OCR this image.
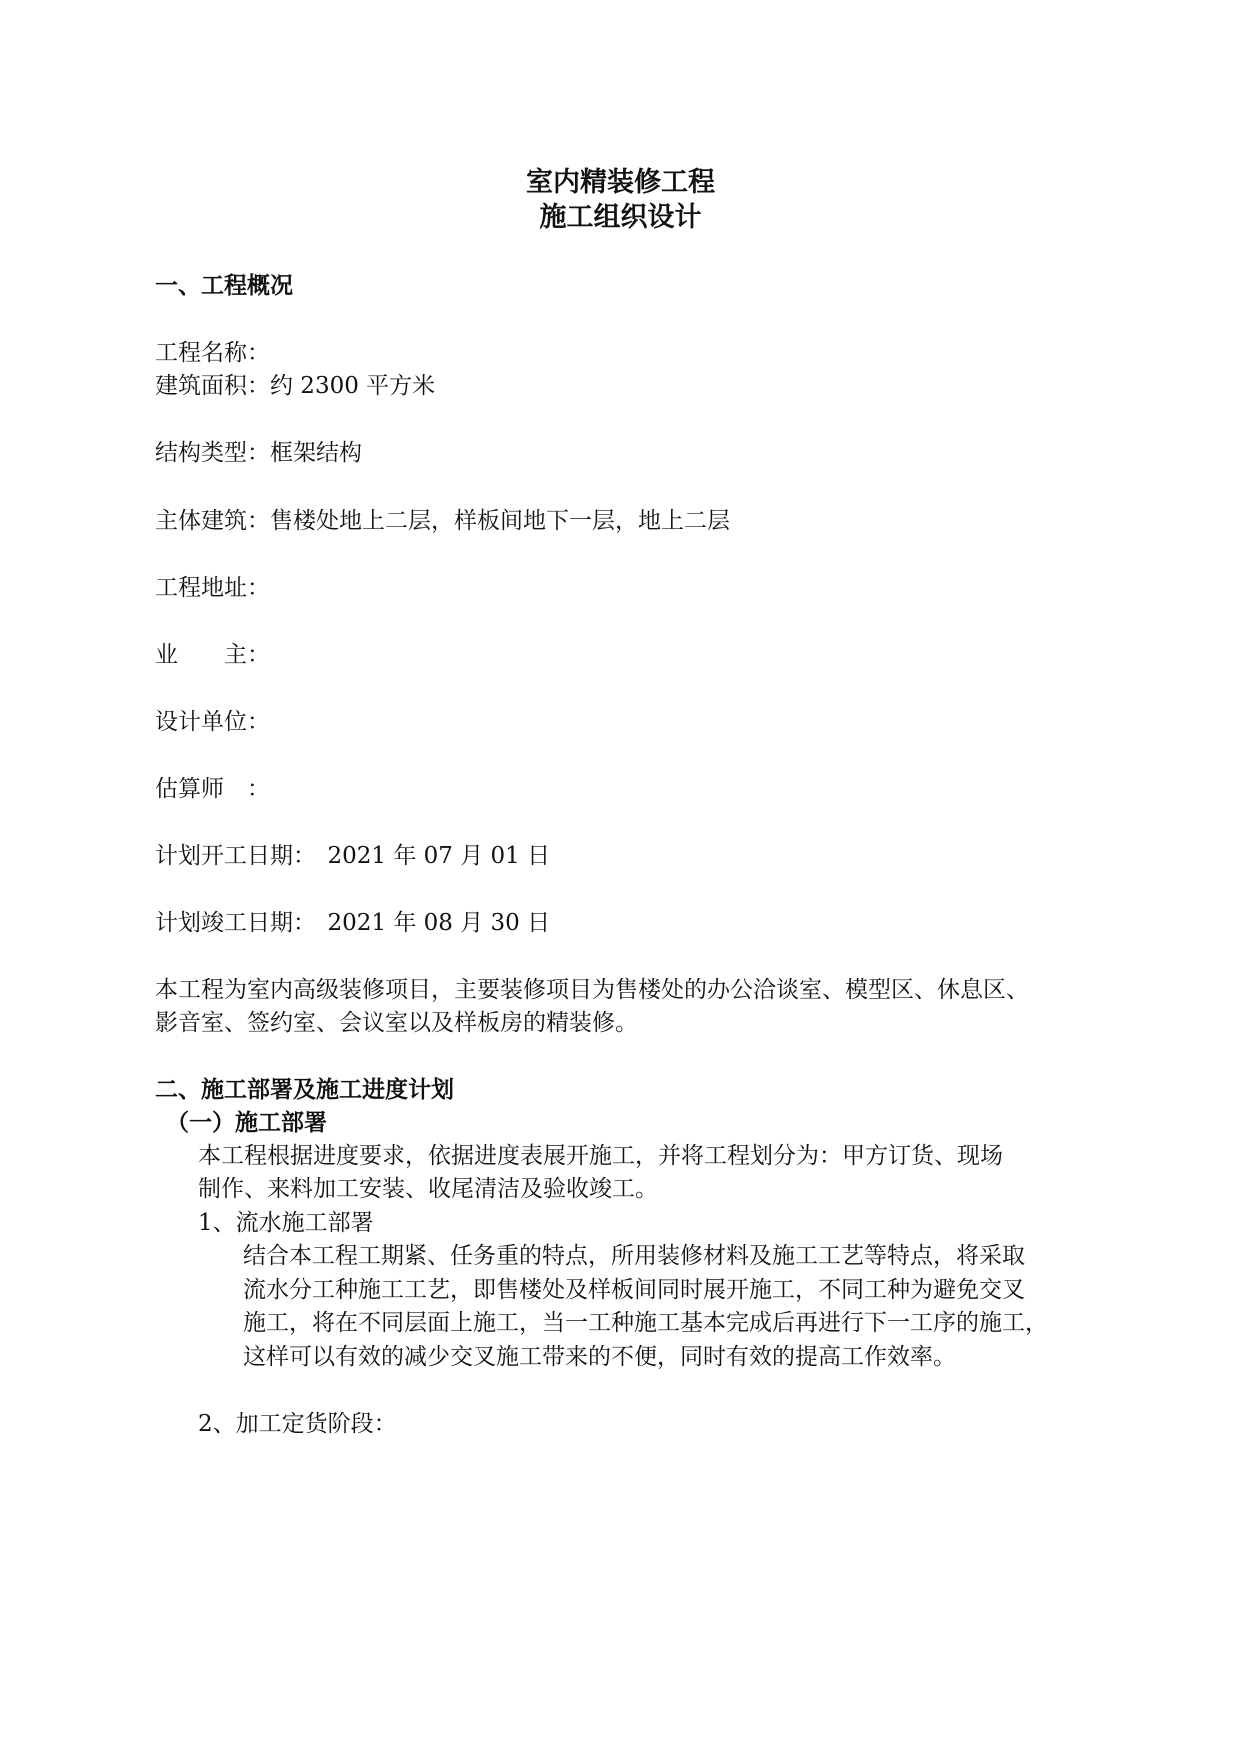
室内精装修工程
施工组织设计
一、工程概况
工程名称：
建筑面积：约 2300 平方米
结构类型：框架结构
主体建筑：售楼处地上二层，样板间地下一层，地上二层
工程地址：
业　　主：
设计单位：
估算师　：
计划开工日期：　2021 年 07 月 01 日
计划竣工日期：　2021 年 08 月 30 日
本工程为室内高级装修项目，主要装修项目为售楼处的办公洽谈室、模型区、休息区、
影音室、签约室、会议室以及样板房的精装修。
二、施工部署及施工进度计划
（一）施工部署
本工程根据进度要求，依据进度表展开施工，并将工程划分为：甲方订货、现场
制作、来料加工安装、收尾清洁及验收竣工。
1、流水施工部署
结合本工程工期紧、任务重的特点，所用装修材料及施工工艺等特点，将采取
流水分工种施工工艺，即售楼处及样板间同时展开施工，不同工种为避免交叉
施工，将在不同层面上施工，当一工种施工基本完成后再进行下一工序的施工，
这样可以有效的减少交叉施工带来的不便，同时有效的提高工作效率。
2、加工定货阶段：
